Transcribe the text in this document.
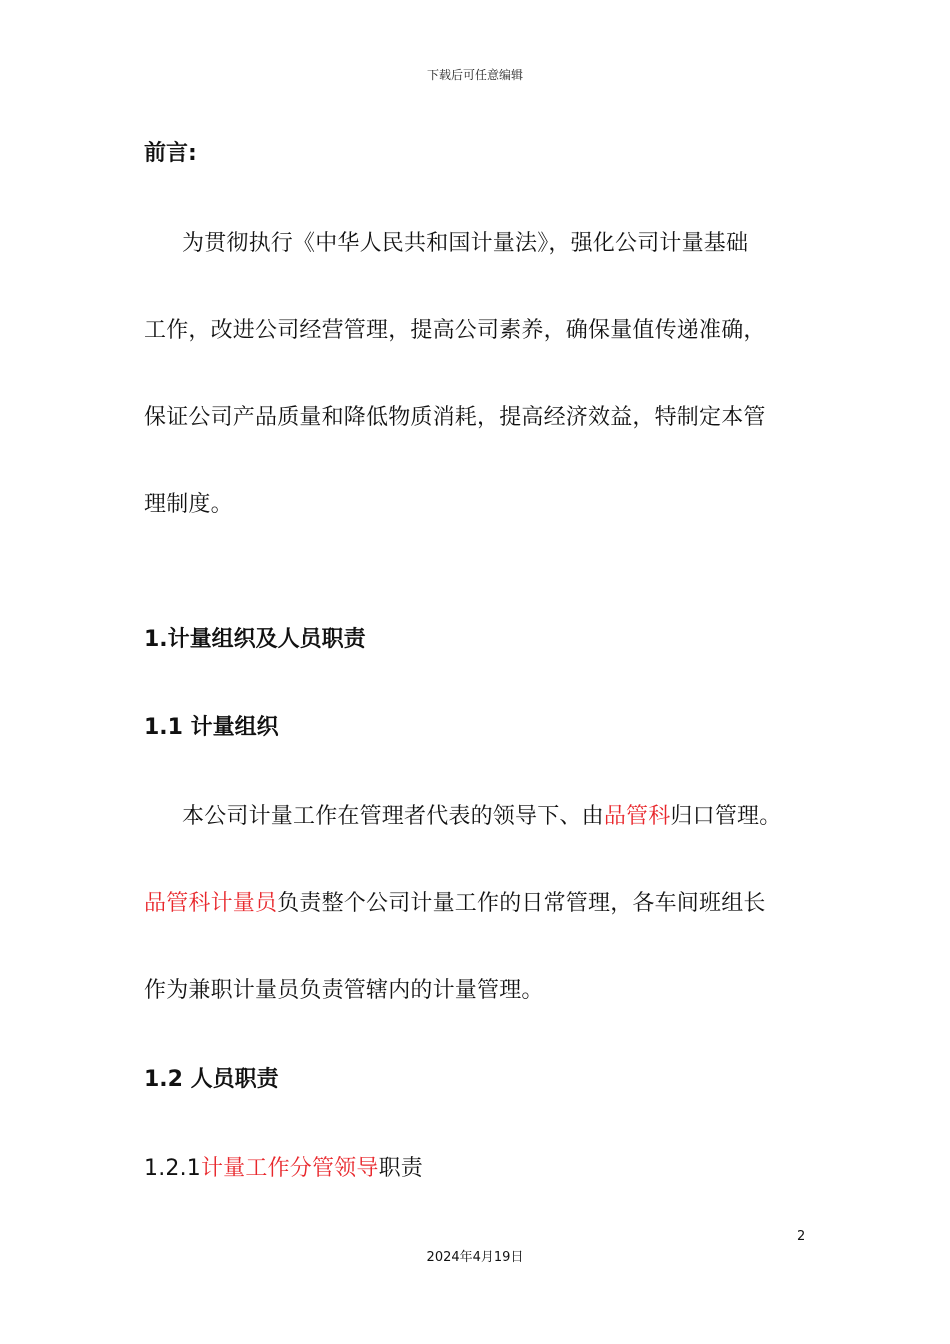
下载后可任意编辑
前言:
为贯彻执行《中华人民共和国计量法》，强化公司计量基础
工作，改进公司经营管理，提高公司素养，确保量值传递准确，
保证公司产品质量和降低物质消耗，提高经济效益，特制定本管
理制度。
1.计量组织及人员职责
1.1 计量组织
本公司计量工作在管理者代表的领导下、由品管科归口管理。
品管科计量员负责整个公司计量工作的日常管理，各车间班组长
作为兼职计量员负责管辖内的计量管理。
1.2 人员职责
1.2.1计量工作分管领导职责
2
2024年4月19日
